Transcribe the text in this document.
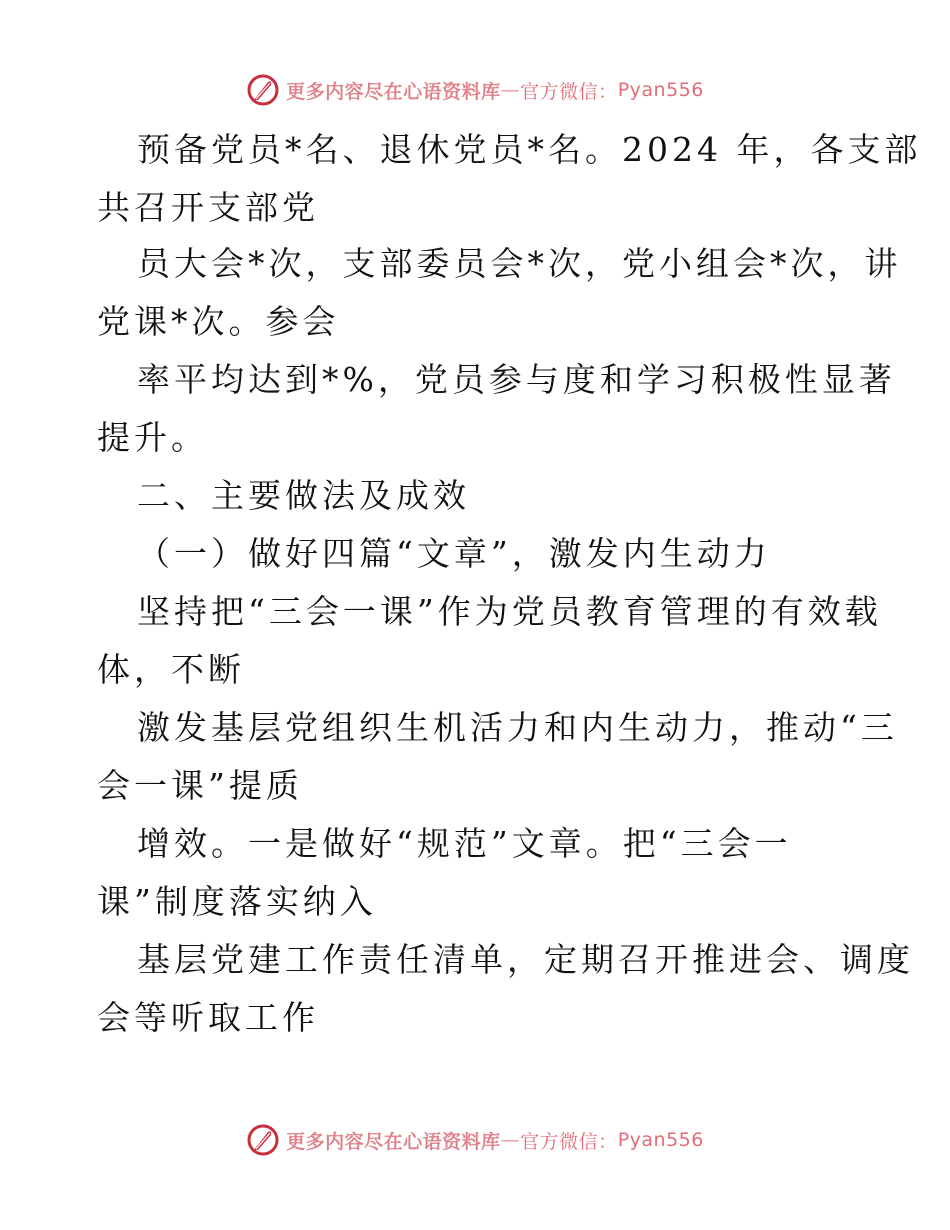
更多内容尽在心语资料库 — 官方微信： Pyan556
预备党员*名、退休党员*名。2024 年，各支部
共召开支部党
员大会*次，支部委员会*次，党小组会*次，讲
党课*次。参会
率平均达到*%，党员参与度和学习积极性显著
提升。
二、主要做法及成效
（一）做好四篇“文章”，激发内生动力
坚持把“三会一课”作为党员教育管理的有效载
体，不断
激发基层党组织生机活力和内生动力，推动“三
会一课”提质
增效。一是做好“规范”文章。把“三会一
课”制度落实纳入
基层党建工作责任清单，定期召开推进会、调度
会等听取工作
更多内容尽在心语资料库 — 官方微信： Pyan556
